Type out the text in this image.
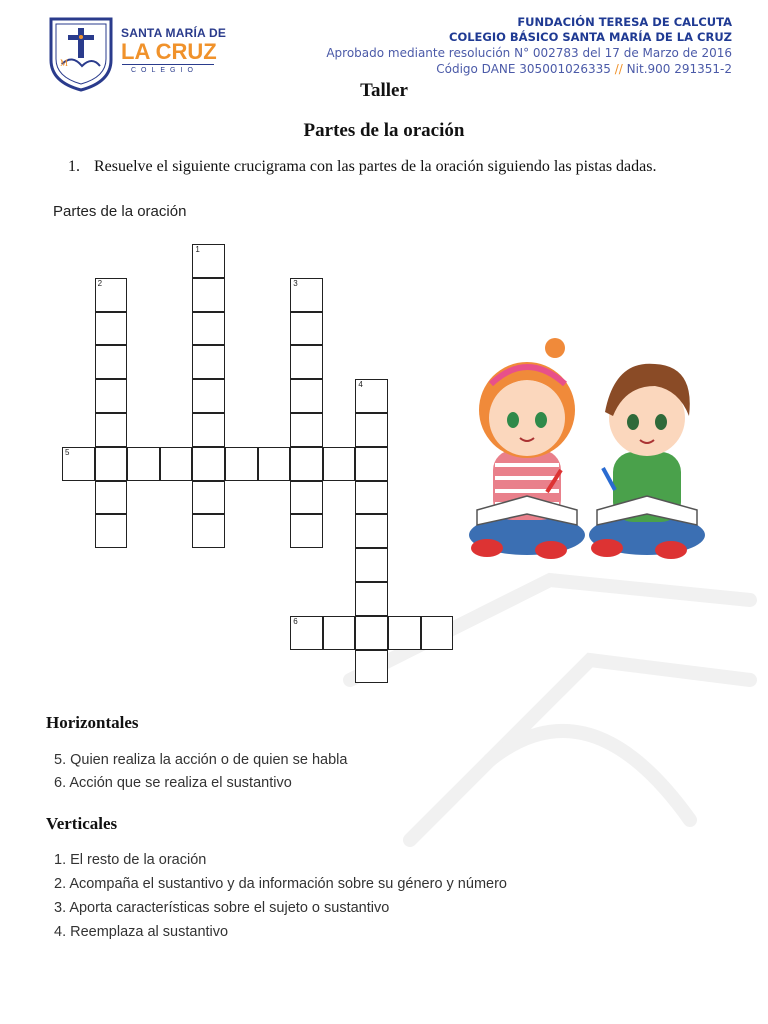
M
SANTA MARÍA DE
LA CRUZ
COLEGIO
FUNDACIÓN TERESA DE CALCUTA
COLEGIO BÁSICO SANTA MARÍA DE LA CRUZ
Aprobado mediante resolución N° 002783 del 17 de Marzo de 2016
Código DANE 305001026335 // Nit.900 291351-2
Taller
Partes de la oración
1. Resuelve el siguiente crucigrama con las partes de la oración siguiendo las pistas dadas.
Partes de la oración
1
2	3
4
5
6
Horizontales
5. Quien realiza la acción o de quien se habla
6. Acción que se realiza el sustantivo
Verticales
1. El resto de la oración
2. Acompaña el sustantivo y da información sobre su género y número
3. Aporta características sobre el sujeto o sustantivo
4. Reemplaza al sustantivo
